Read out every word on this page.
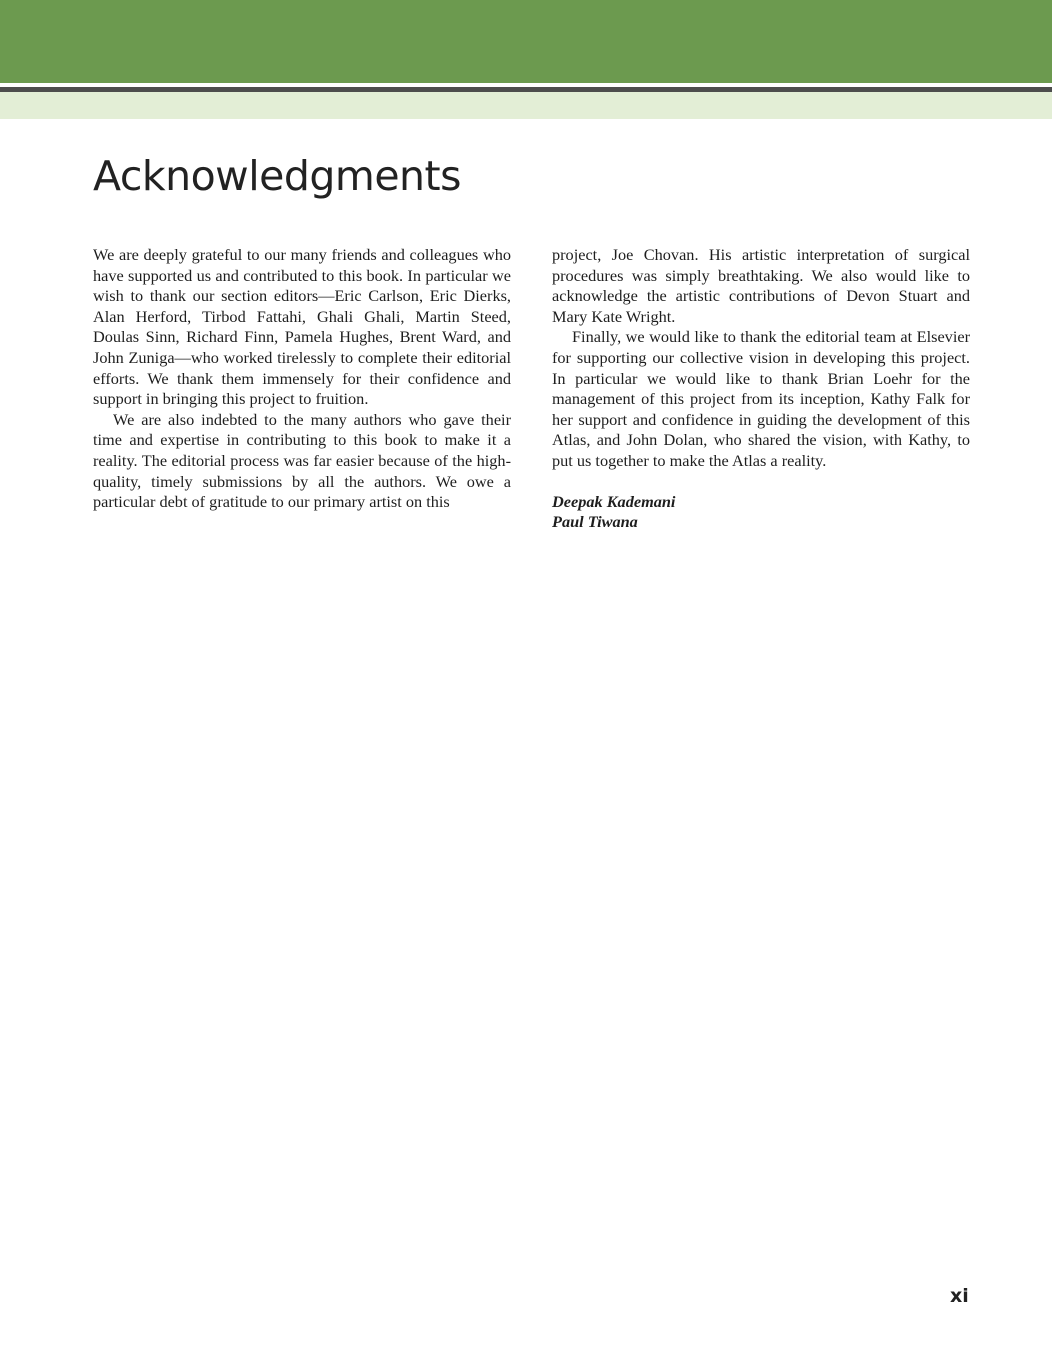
Acknowledgments

We are deeply grateful to our many friends and colleagues who have supported us and contributed to this book. In particular we wish to thank our section editors—Eric Carlson, Eric Dierks, Alan Herford, Tirbod Fattahi, Ghali Ghali, Martin Steed, Doulas Sinn, Richard Finn, Pamela Hughes, Brent Ward, and John Zuniga—who worked tirelessly to complete their editorial efforts. We thank them immensely for their confidence and support in bringing this project to fruition.

We are also indebted to the many authors who gave their time and expertise in contributing to this book to make it a reality. The editorial process was far easier because of the high-quality, timely submissions by all the authors. We owe a particular debt of gratitude to our primary artist on this

project, Joe Chovan. His artistic interpretation of surgical procedures was simply breathtaking. We also would like to acknowledge the artistic contributions of Devon Stuart and Mary Kate Wright.

Finally, we would like to thank the editorial team at Elsevier for supporting our collective vision in developing this project. In particular we would like to thank Brian Loehr for the management of this project from its inception, Kathy Falk for her support and confidence in guiding the development of this Atlas, and John Dolan, who shared the vision, with Kathy, to put us together to make the Atlas a reality.

Deepak Kademani
Paul Tiwana
xi
